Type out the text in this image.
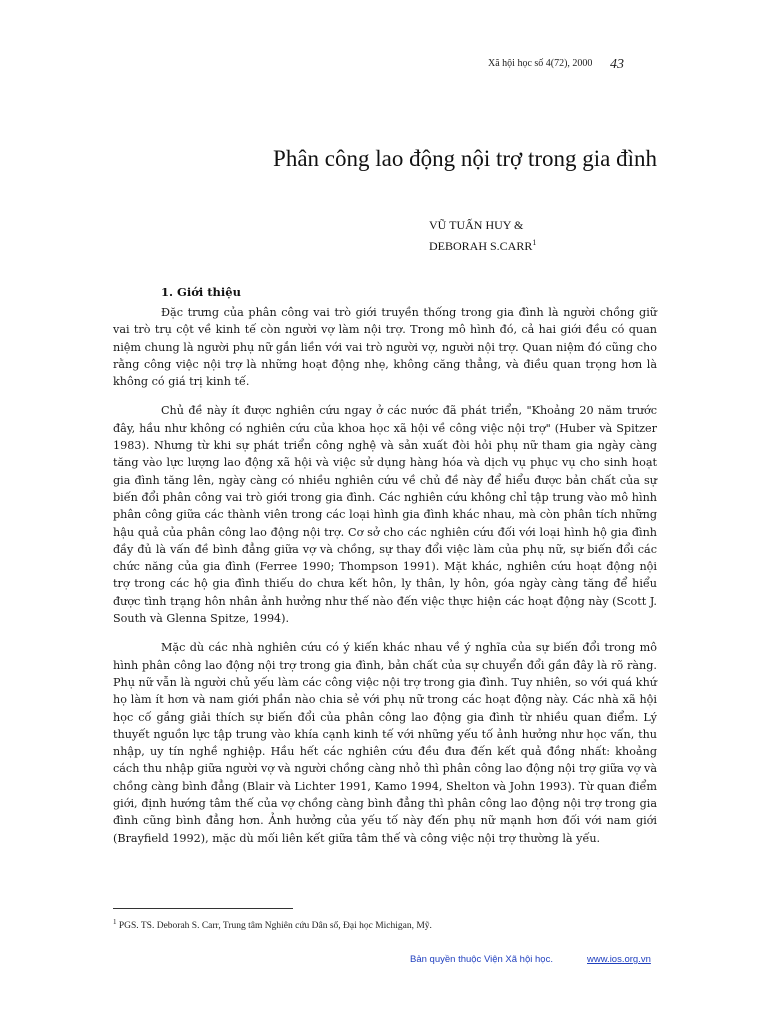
Xã hội học số 4(72), 2000 43
Phân công lao động nội trợ trong gia đình
VŨ TUẤN HUY &
DEBORAH S.CARR$^1$
1. Giới thiệu

Đặc trưng của phân công vai trò giới truyền thống trong gia đình là người chồng giữ vai trò trụ cột về kinh tế còn người vợ làm nội trợ. Trong mô hình đó, cả hai giới đều có quan niệm chung là người phụ nữ gắn liền với vai trò người vợ, người nội trợ. Quan niệm đó cũng cho rằng công việc nội trợ là những hoạt động nhẹ, không căng thẳng, và điều quan trọng hơn là không có giá trị kinh tế.

Chủ đề này ít được nghiên cứu ngay ở các nước đã phát triển, "Khoảng 20 năm trước đây, hầu như không có nghiên cứu của khoa học xã hội về công việc nội trợ" (Huber và Spitzer 1983). Nhưng từ khi sự phát triển công nghệ và sản xuất đòi hỏi phụ nữ tham gia ngày càng tăng vào lực lượng lao động xã hội và việc sử dụng hàng hóa và dịch vụ phục vụ cho sinh hoạt gia đình tăng lên, ngày càng có nhiều nghiên cứu về chủ đề này để hiểu được bản chất của sự biến đổi phân công vai trò giới trong gia đình. Các nghiên cứu không chỉ tập trung vào mô hình phân công giữa các thành viên trong các loại hình gia đình khác nhau, mà còn phân tích những hậu quả của phân công lao động nội trợ. Cơ sở cho các nghiên cứu đối với loại hình hộ gia đình đầy đủ là vấn đề bình đẳng giữa vợ và chồng, sự thay đổi việc làm của phụ nữ, sự biến đổi các chức năng của gia đình (Ferree 1990; Thompson 1991). Mặt khác, nghiên cứu hoạt động nội trợ trong các hộ gia đình thiếu do chưa kết hôn, ly thân, ly hôn, góa ngày càng tăng để hiểu được tình trạng hôn nhân ảnh hưởng như thế nào đến việc thực hiện các hoạt động này (Scott J. South và Glenna Spitze, 1994).

Mặc dù các nhà nghiên cứu có ý kiến khác nhau về ý nghĩa của sự biến đổi trong mô hình phân công lao động nội trợ trong gia đình, bản chất của sự chuyển đổi gần đây là rõ ràng. Phụ nữ vẫn là người chủ yếu làm các công việc nội trợ trong gia đình. Tuy nhiên, so với quá khứ họ làm ít hơn và nam giới phần nào chia sẻ với phụ nữ trong các hoạt động này. Các nhà xã hội học cố gắng giải thích sự biến đổi của phân công lao động gia đình từ nhiều quan điểm. Lý thuyết nguồn lực tập trung vào khía cạnh kinh tế với những yếu tố ảnh hưởng như học vấn, thu nhập, uy tín nghề nghiệp. Hầu hết các nghiên cứu đều đưa đến kết quả đồng nhất: khoảng cách thu nhập giữa người vợ và người chồng càng nhỏ thì phân công lao động nội trợ giữa vợ và chồng càng bình đẳng (Blair và Lichter 1991, Kamo 1994, Shelton và John 1993). Từ quan điểm giới, định hướng tâm thế của vợ chồng càng bình đẳng thì phân công lao động nội trợ trong gia đình cũng bình đẳng hơn. Ảnh hưởng của yếu tố này đến phụ nữ mạnh hơn đối với nam giới (Brayfield 1992), mặc dù mối liên kết giữa tâm thế và công việc nội trợ thường là yếu.

$^1$ PGS. TS. Deborah S. Carr, Trung tâm Nghiên cứu Dân số, Đại học Michigan, Mỹ.
Bản quyền thuộc Viện Xã hội học.	www.ios.org.vn
